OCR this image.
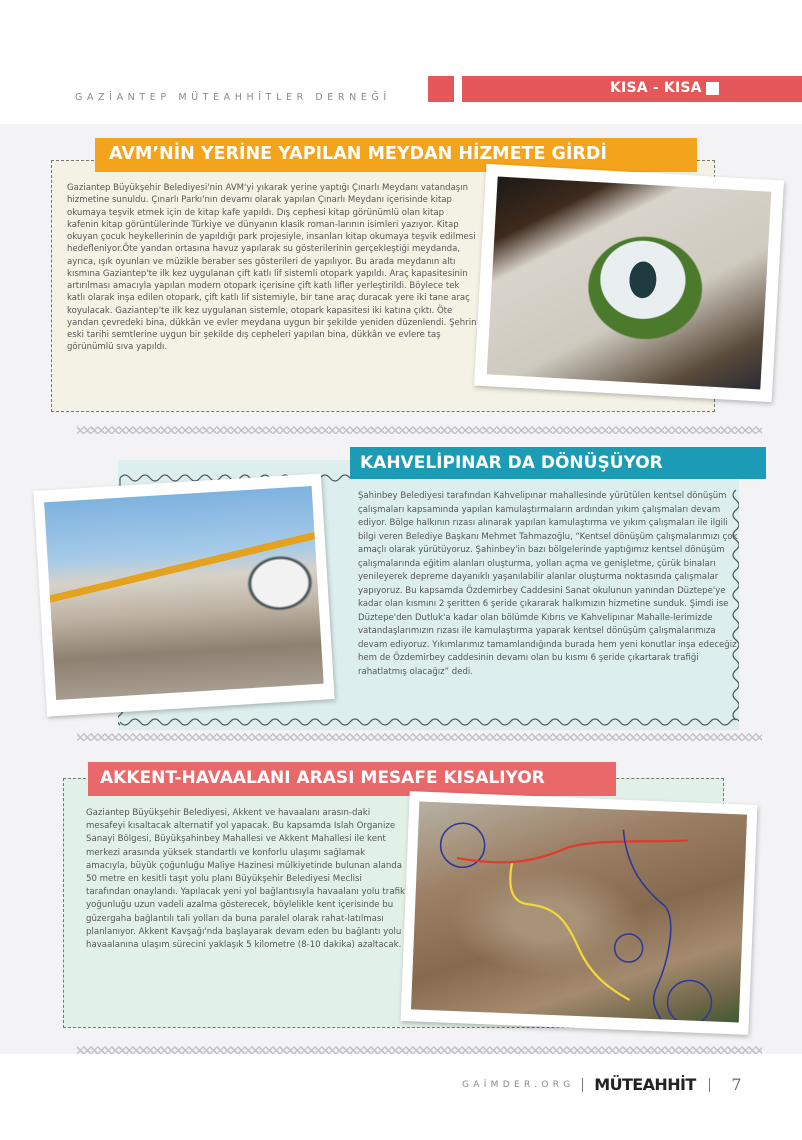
GAZİANTEP MÜTEAHHİTLER DERNEĞİ
KISA - KISA
AVM’NİN YERİNE YAPILAN MEYDAN HİZMETE GİRDİ

Gaziantep Büyükşehir Belediyesi'nin AVM'yi yıkarak yerine yaptığı Çınarlı Meydanı vatandaşın hizmetine sunuldu. Çınarlı Parkı'nın devamı olarak yapılan Çınarlı Meydanı içerisinde kitap okumaya teşvik etmek için de kitap kafe yapıldı. Dış cephesi kitap görünümlü olan kitap kafenin kitap görüntülerinde Türkiye ve dünyanın klasik roman-larının isimleri yazıyor. Kitap okuyan çocuk heykellerinin de yapıldığı park projesiyle, insanları kitap okumaya teşvik edilmesi hedefleniyor.Öte yandan ortasına havuz yapılarak su gösterilerinin gerçekleştiği meydanda, ayrıca, ışık oyunları ve müzikle beraber ses gösterileri de yapılıyor. Bu arada meydanın altı kısmına Gaziantep'te ilk kez uygulanan çift katlı lif sistemli otopark yapıldı. Araç kapasitesinin artırılması amacıyla yapılan modern otopark içerisine çift katlı lifler yerleştirildi. Böylece tek katlı olarak inşa edilen otopark, çift katlı lif sistemiyle, bir tane araç duracak yere iki tane araç koyulacak. Gaziantep'te ilk kez uygulanan sistemle, otopark kapasitesi iki katına çıktı. Öte yandan çevredeki bina, dükkân ve evler meydana uygun bir şekilde yeniden düzenlendi. Şehrin eski tarihi semtlerine uygun bir şekilde dış cepheleri yapılan bina, dükkân ve evlere taş görünümlü sıva yapıldı.

KAHVELİPINAR DA DÖNÜŞÜYOR

Şahinbey Belediyesi tarafından Kahvelipınar mahallesinde yürütülen kentsel dönüşüm çalışmaları kapsamında yapılan kamulaştırmaların ardından yıkım çalışmaları devam ediyor. Bölge halkının rızası alınarak yapılan kamulaştırma ve yıkım çalışmaları ile ilgili bilgi veren Belediye Başkanı Mehmet Tahmazoğlu, “Kentsel dönüşüm çalışmalarımızı çok amaçlı olarak yürütüyoruz. Şahinbey'in bazı bölgelerinde yaptığımız kentsel dönüşüm çalışmalarında eğitim alanları oluşturma, yolları açma ve genişletme, çürük binaları yenileyerek depreme dayanıklı yaşanılabilir alanlar oluşturma noktasında çalışmalar yapıyoruz. Bu kapsamda Özdemirbey Caddesini Sanat okulunun yanından Düztepe'ye kadar olan kısmını 2 şeritten 6 şeride çıkararak halkımızın hizmetine sunduk. Şimdi ise Düztepe'den Dutluk'a kadar olan bölümde Kıbrıs ve Kahvelipınar Mahalle-lerimizde vatandaşlarımızın rızası ile kamulaştırma yaparak kentsel dönüşüm çalışmalarımıza devam ediyoruz. Yıkımlarımız tamamlandığında burada hem yeni konutlar inşa edeceğiz hem de Özdemirbey caddesinin devamı olan bu kısmı 6 şeride çıkartarak trafiği rahatlatmış olacağız” dedi.

AKKENT-HAVAALANI ARASI MESAFE KISALIYOR

Gaziantep Büyükşehir Belediyesi, Akkent ve havaalanı arasın-daki mesafeyi kısaltacak alternatif yol yapacak. Bu kapsamda Islah Organize Sanayi Bölgesi, Büyükşahinbey Mahallesi ve Akkent Mahallesi ile kent merkezi arasında yüksek standartlı ve konforlu ulaşımı sağlamak amacıyla, büyük çoğunluğu Maliye Hazinesi mülkiyetinde bulunan alanda 50 metre en kesitli taşıt yolu planı Büyükşehir Belediyesi Meclisi tarafından onaylandı. Yapılacak yeni yol bağlantısıyla havaalanı yolu trafik yoğunluğu uzun vadeli azalma gösterecek, böylelikle kent içerisinde bu güzergaha bağlantılı tali yolları da buna paralel olarak rahat-latılması planlanıyor. Akkent Kavşağı'nda başlayarak devam eden bu bağlantı yolu havaalanına ulaşım sürecini yaklaşık 5 kilometre (8-10 dakika) azaltacak.

GAİMDER.ORG MÜTEAHHİT 7
